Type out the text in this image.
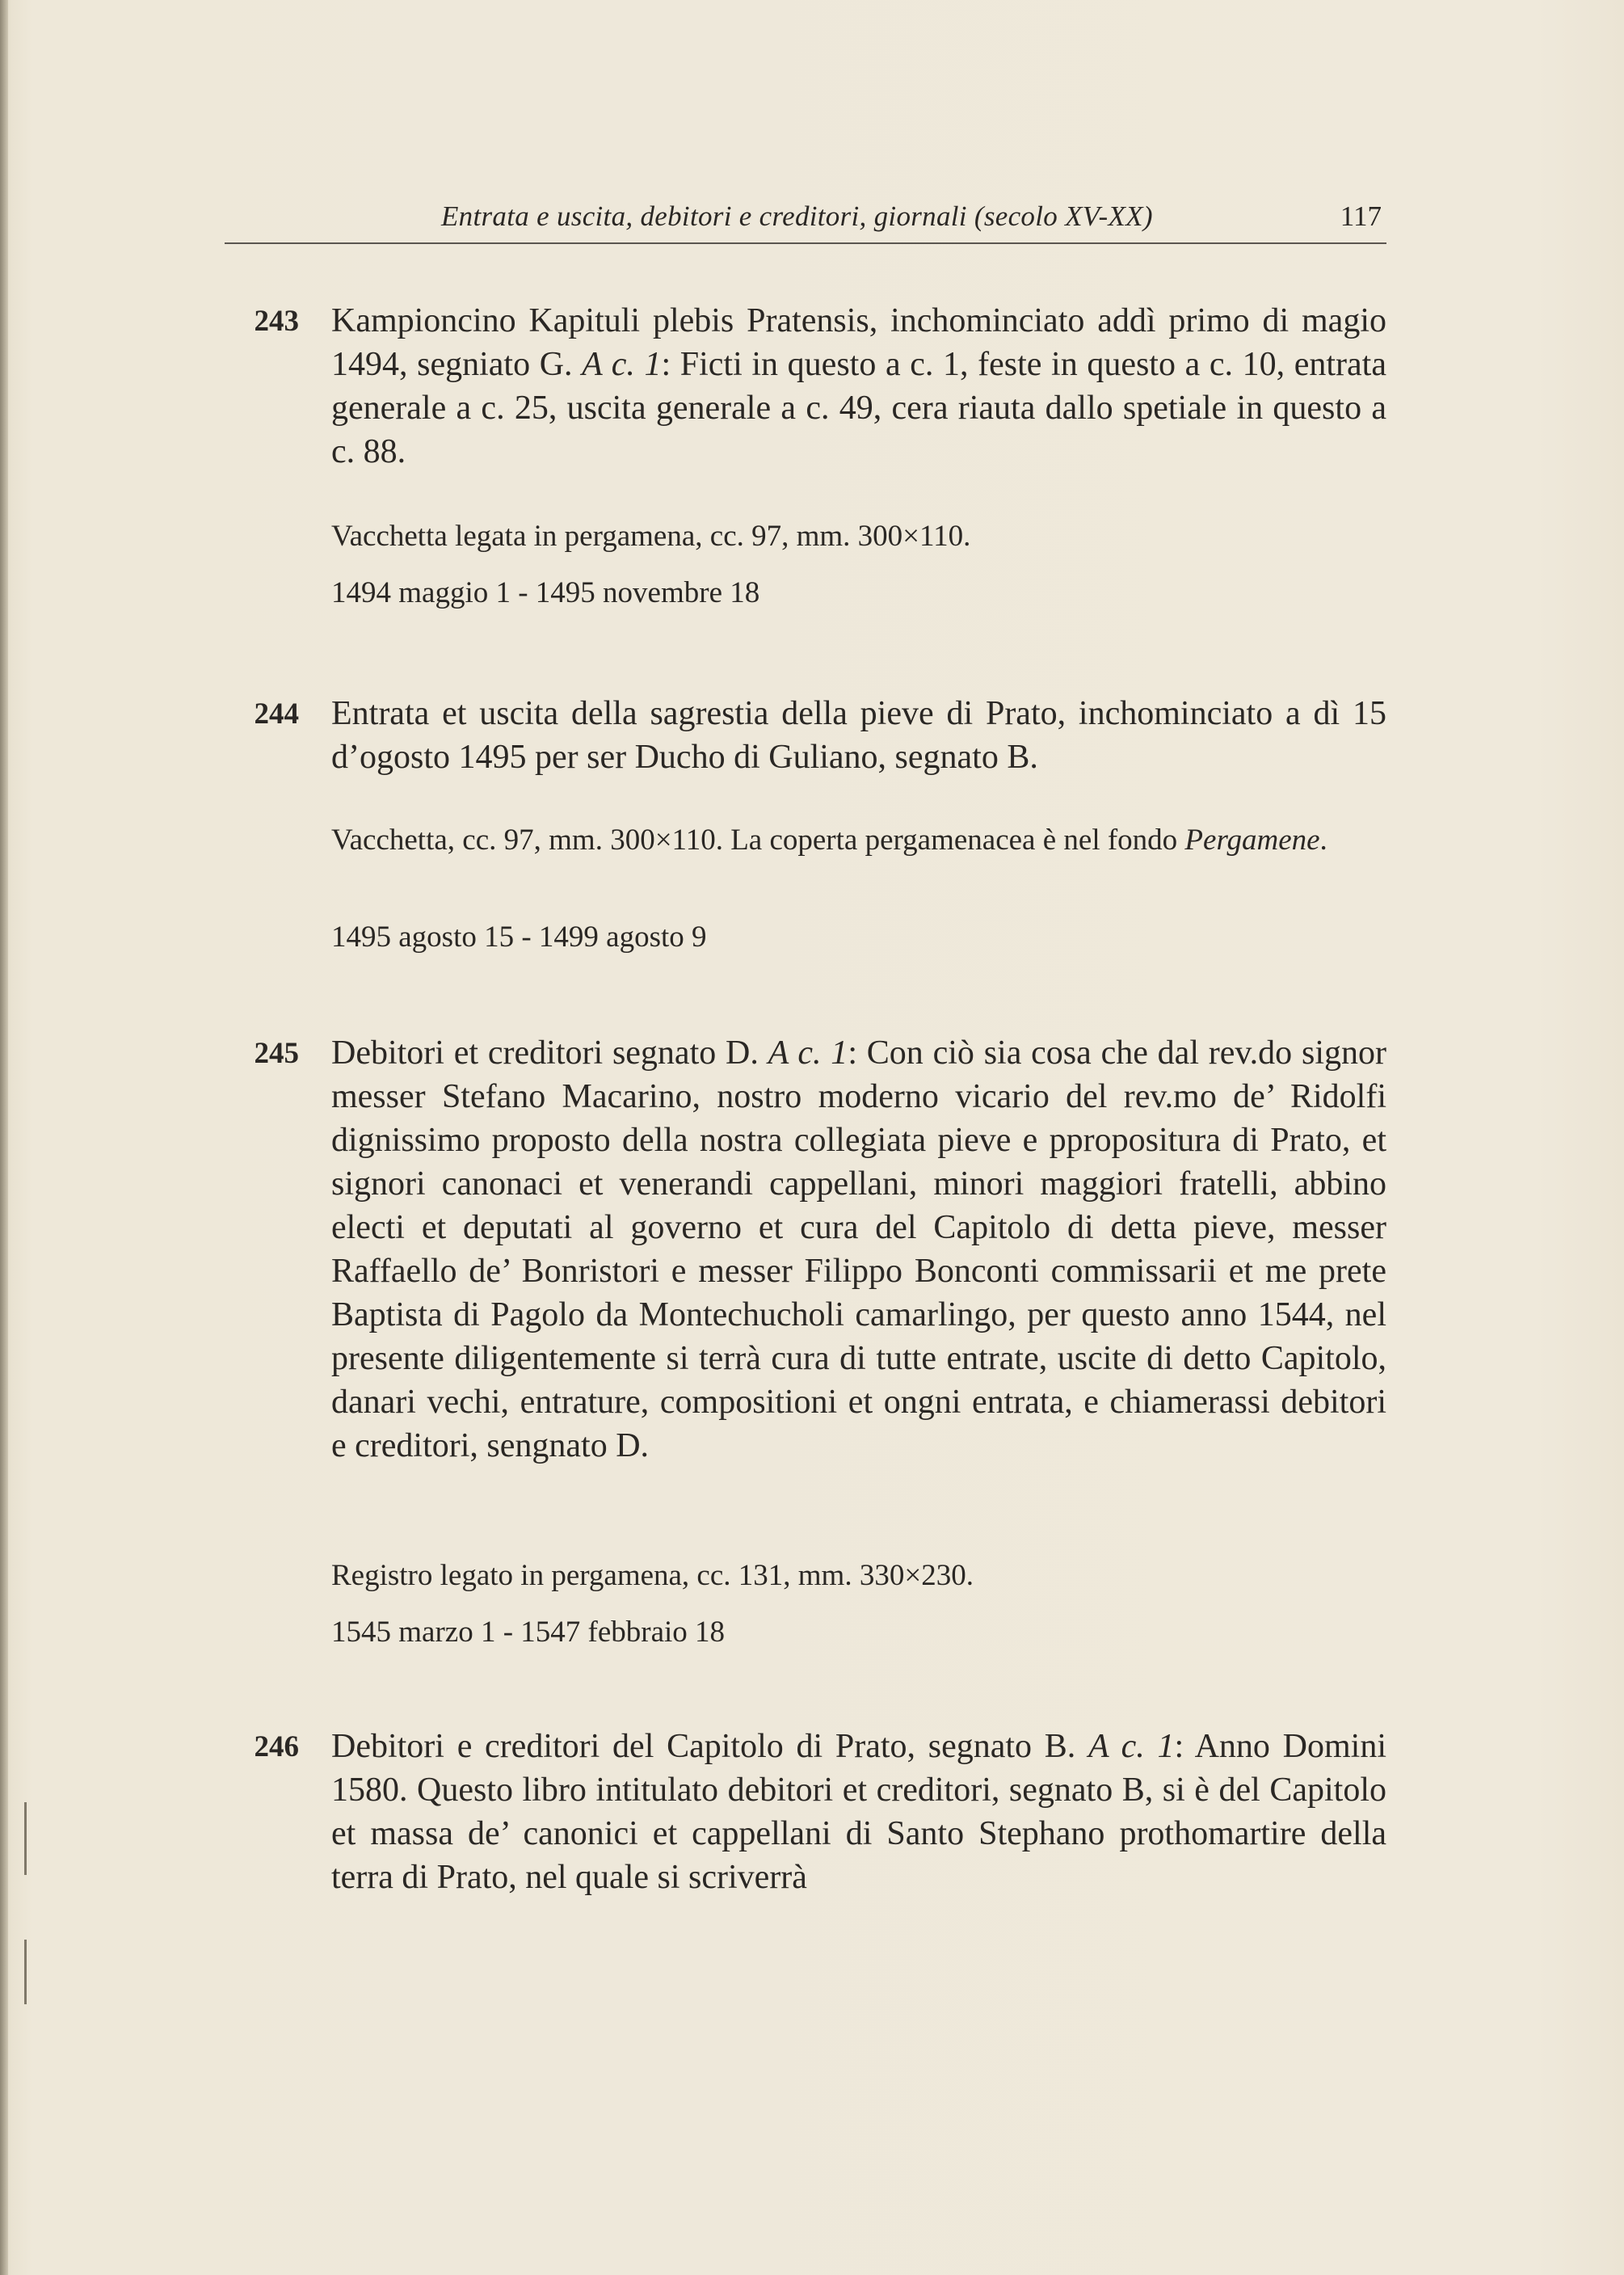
Entrata e uscita, debitori e creditori, giornali (secolo XV-XX)	117
243 Kampioncino Kapituli plebis Pratensis, inchominciato addì primo di magio 1494, segniato G. A c. 1: Ficti in questo a c. 1, feste in questo a c. 10, entrata generale a c. 25, uscita generale a c. 49, cera riauta dallo spetiale in questo a c. 88.
Vacchetta legata in pergamena, cc. 97, mm. 300×110.
1494 maggio 1 - 1495 novembre 18
244 Entrata et uscita della sagrestia della pieve di Prato, inchominciato a dì 15 d’ogosto 1495 per ser Ducho di Guliano, segnato B.
Vacchetta, cc. 97, mm. 300×110. La coperta pergamenacea è nel fondo Pergamene.
1495 agosto 15 - 1499 agosto 9
245 Debitori et creditori segnato D. A c. 1: Con ciò sia cosa che dal rev.do signor messer Stefano Macarino, nostro moderno vicario del rev.mo de’ Ridolfi dignissimo proposto della nostra collegiata pieve e ppropositura di Prato, et signori canonaci et venerandi cappellani, minori maggiori fratelli, abbino electi et deputati al governo et cura del Capitolo di detta pieve, messer Raffaello de’ Bonristori e messer Filippo Bonconti commissarii et me prete Baptista di Pagolo da Montechucholi camarlingo, per questo anno 1544, nel presente diligentemente si terrà cura di tutte entrate, uscite di detto Capitolo, danari vechi, entrature, compositioni et ongni entrata, e chiamerassi debitori e creditori, sengnato D.
Registro legato in pergamena, cc. 131, mm. 330×230.
1545 marzo 1 - 1547 febbraio 18
246 Debitori e creditori del Capitolo di Prato, segnato B. A c. 1: Anno Domini 1580. Questo libro intitulato debitori et creditori, segnato B, si è del Capitolo et massa de’ canonici et cappellani di Santo Stephano prothomartire della terra di Prato, nel quale si scriverrà
